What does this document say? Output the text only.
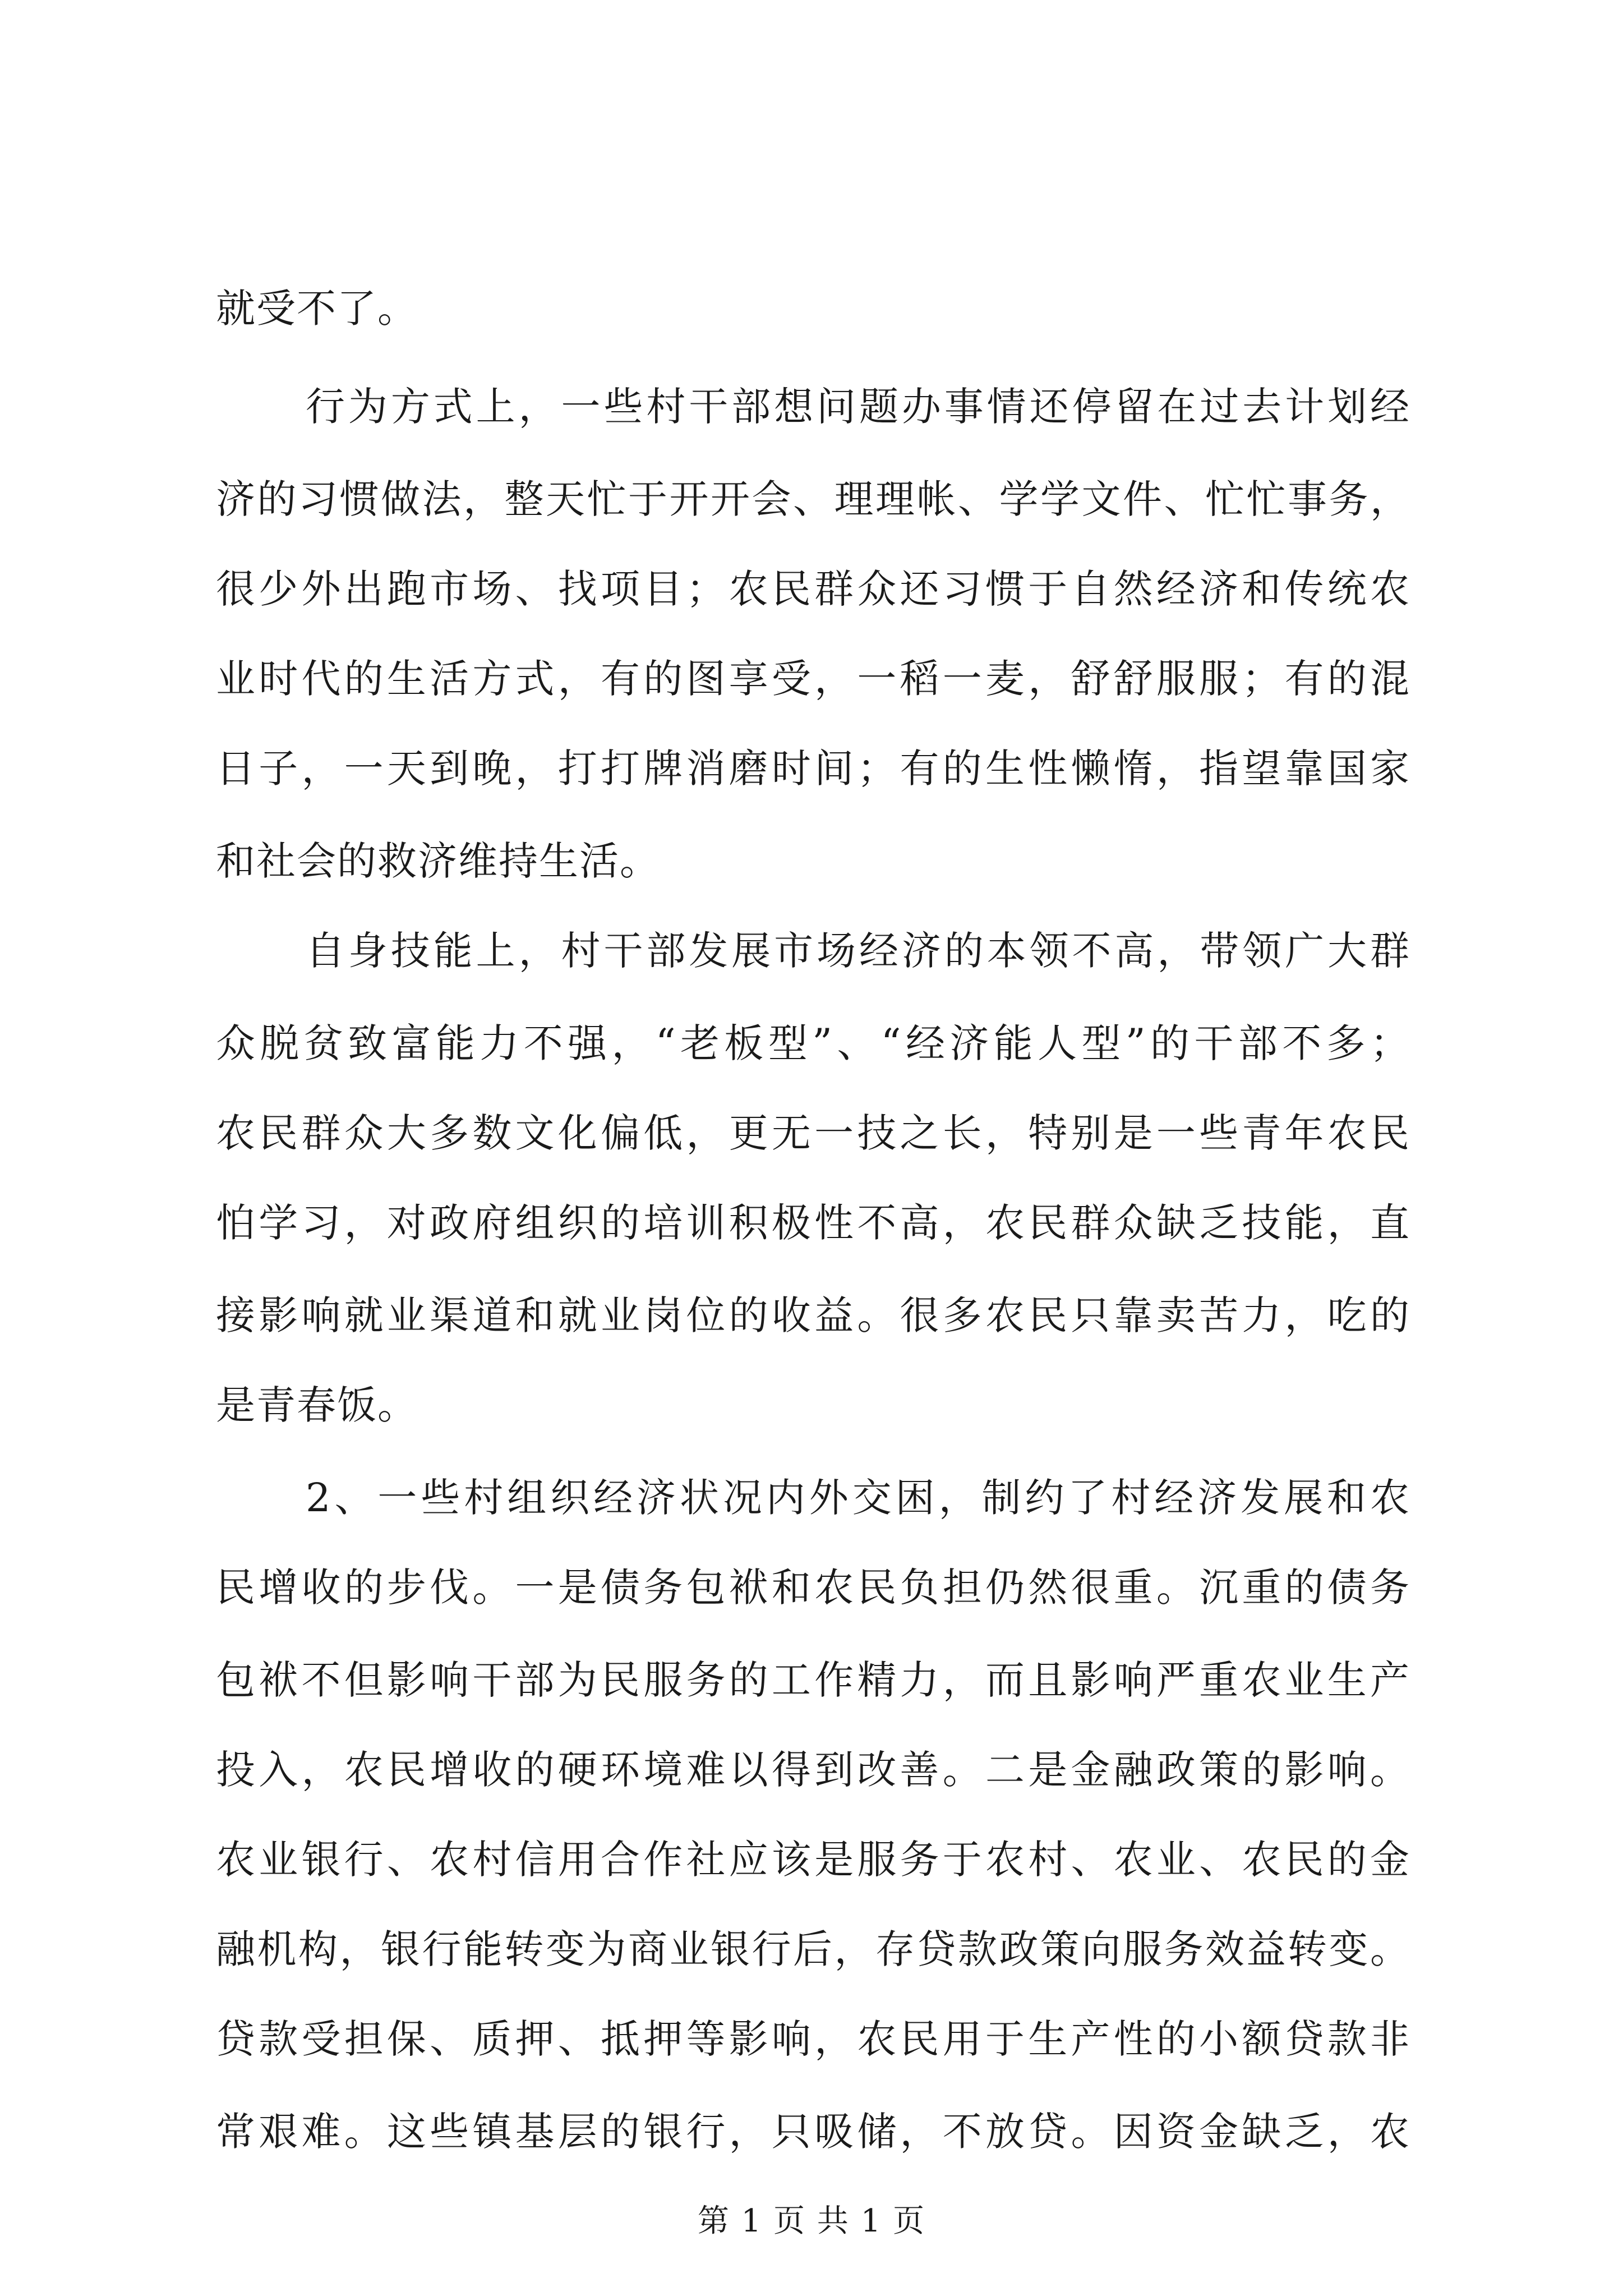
就受不了。
行为方式上，一些村干部想问题办事情还停留在过去计划经
济的习惯做法，整天忙于开开会、理理帐、学学文件、忙忙事务，
很少外出跑市场、找项目；农民群众还习惯于自然经济和传统农
业时代的生活方式，有的图享受，一稻一麦，舒舒服服；有的混
日子，一天到晚，打打牌消磨时间；有的生性懒惰，指望靠国家
和社会的救济维持生活。
自身技能上，村干部发展市场经济的本领不高，带领广大群
众脱贫致富能力不强，“老板型”、“经济能人型”的干部不多；
农民群众大多数文化偏低，更无一技之长，特别是一些青年农民
怕学习，对政府组织的培训积极性不高，农民群众缺乏技能，直
接影响就业渠道和就业岗位的收益。很多农民只靠卖苦力，吃的
是青春饭。
2、一些村组织经济状况内外交困，制约了村经济发展和农
民增收的步伐。一是债务包袱和农民负担仍然很重。沉重的债务
包袱不但影响干部为民服务的工作精力，而且影响严重农业生产
投入，农民增收的硬环境难以得到改善。二是金融政策的影响。
农业银行、农村信用合作社应该是服务于农村、农业、农民的金
融机构，银行能转变为商业银行后，存贷款政策向服务效益转变。
贷款受担保、质押、抵押等影响，农民用于生产性的小额贷款非
常艰难。这些镇基层的银行，只吸储，不放贷。因资金缺乏，农
第 1 页 共 1 页
